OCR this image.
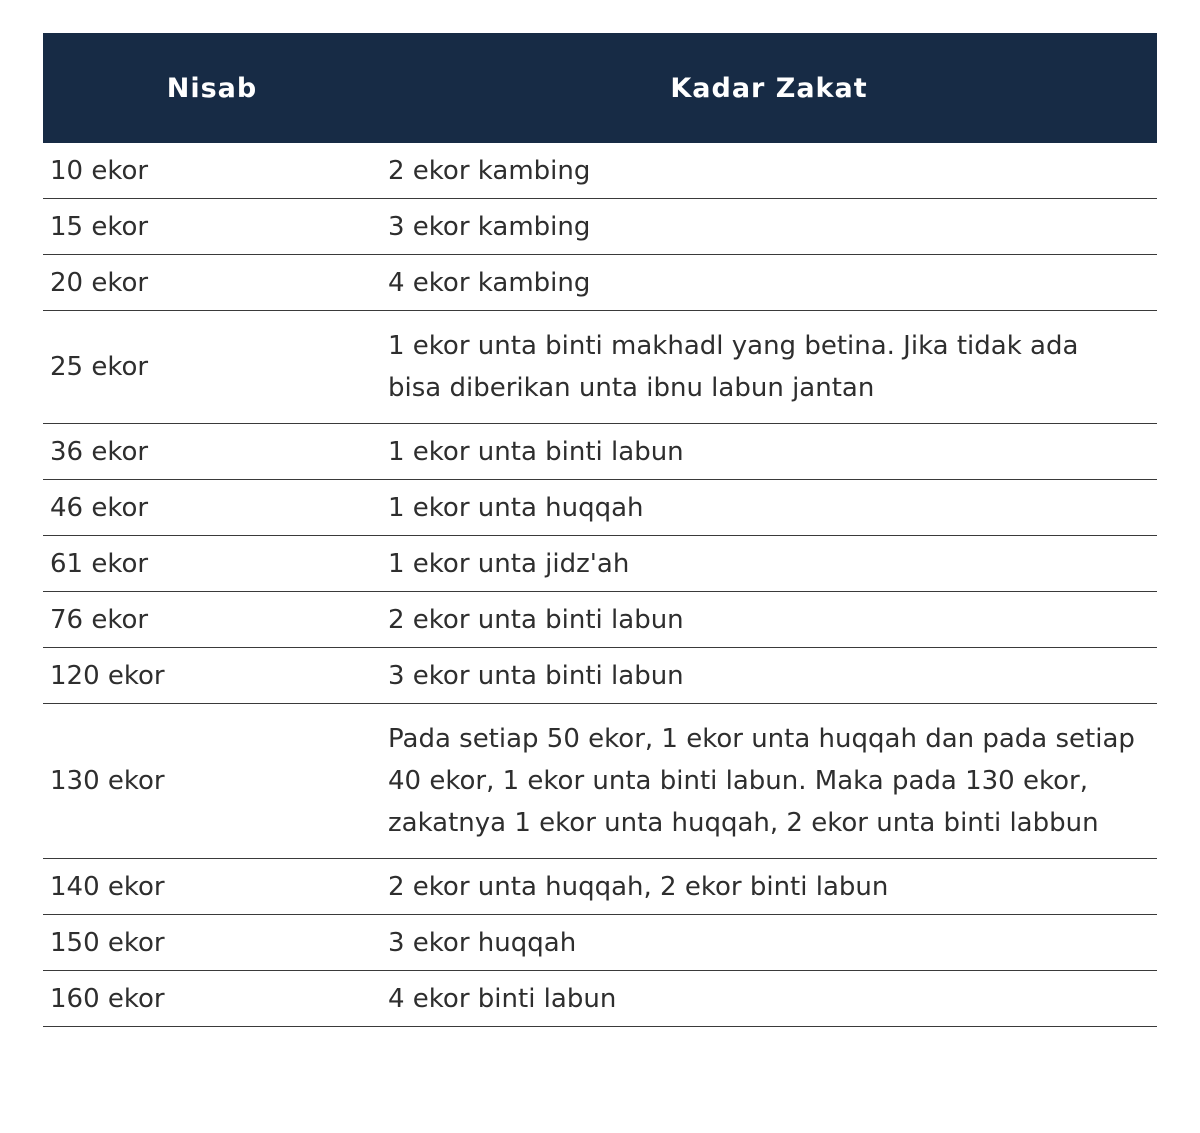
Nisab	Kadar Zakat
10 ekor	2 ekor kambing
15 ekor	3 ekor kambing
20 ekor	4 ekor kambing
25 ekor	1 ekor unta binti makhadl yang betina. Jika tidak ada bisa diberikan unta ibnu labun jantan
36 ekor	1 ekor unta binti labun
46 ekor	1 ekor unta huqqah
61 ekor	1 ekor unta jidz'ah
76 ekor	2 ekor unta binti labun
120 ekor	3 ekor unta binti labun
130 ekor	Pada setiap 50 ekor, 1 ekor unta huqqah dan pada setiap 40 ekor, 1 ekor unta binti labun. Maka pada 130 ekor, zakatnya 1 ekor unta huqqah, 2 ekor unta binti labbun
140 ekor	2 ekor unta huqqah, 2 ekor binti labun
150 ekor	3 ekor huqqah
160 ekor	4 ekor binti labun
